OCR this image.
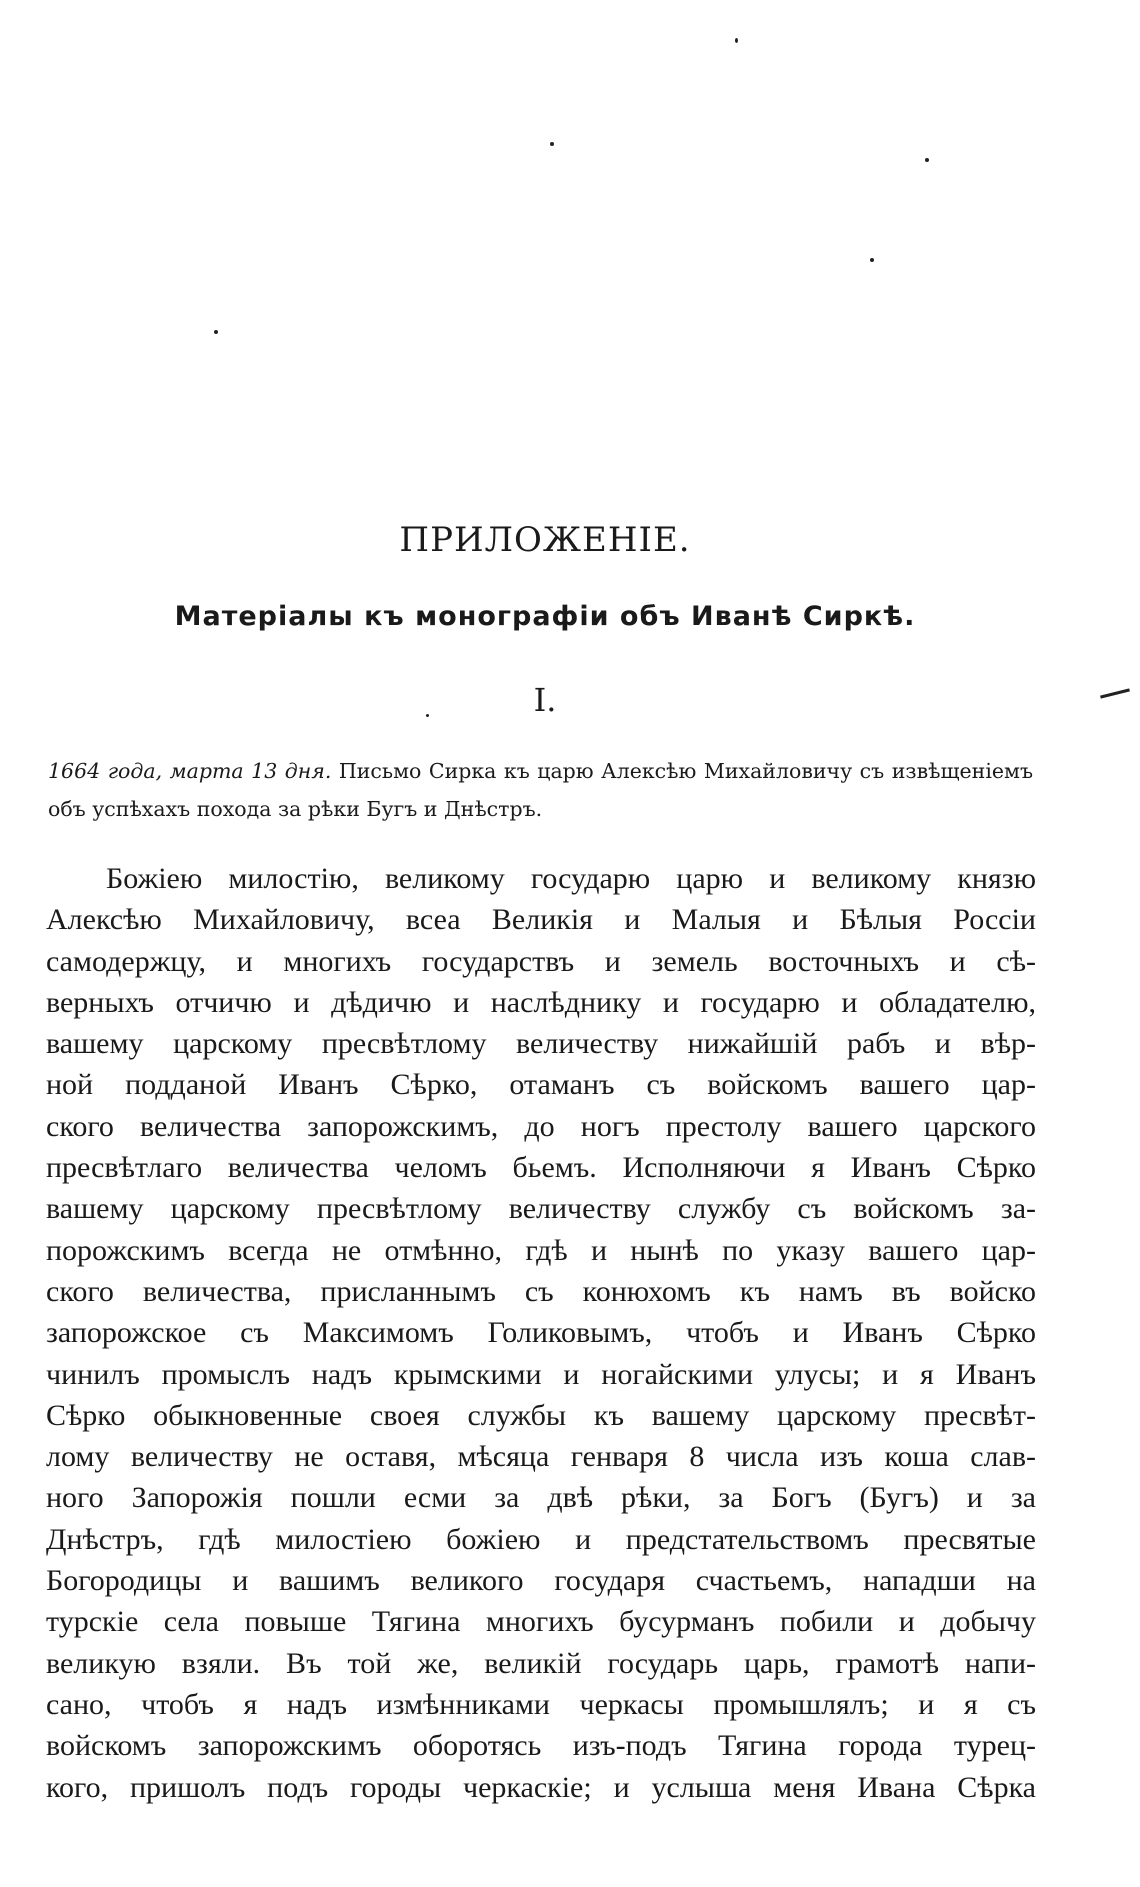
ПРИЛОЖЕНІЕ.
Матеріалы къ монографіи объ Иванѣ Сиркѣ.
I.
1664 года, марта 13 дня. Письмо Сирка къ царю Алексѣю Михайловичу съ извѣщеніемъ объ успѣхахъ похода за рѣки Бугъ и Днѣстръ.
Божіею милостію, великому государю царю и великому князю
Алексѣю Михайловичу, всеа Великія и Малыя и Бѣлыя Россіи
самодержцу, и многихъ государствъ и земель восточныхъ и сѣ-
верныхъ отчичю и дѣдичю и наслѣднику и государю и обладателю,
вашему царскому пресвѣтлому величеству нижайшій рабъ и вѣр-
ной подданой Иванъ Сѣрко, отаманъ съ войскомъ вашего цар-
ского величества запорожскимъ, до ногъ престолу вашего царского
пресвѣтлаго величества челомъ бьемъ. Исполняючи я Иванъ Сѣрко
вашему царскому пресвѣтлому величеству службу съ войскомъ за-
порожскимъ всегда не отмѣнно, гдѣ и нынѣ по указу вашего цар-
ского величества, присланнымъ съ конюхомъ къ намъ въ войско
запорожское съ Максимомъ Голиковымъ, чтобъ и Иванъ Сѣрко
чинилъ промыслъ надъ крымскими и ногайскими улусы; и я Иванъ
Сѣрко обыкновенные своея службы къ вашему царскому пресвѣт-
лому величеству не оставя, мѣсяца генваря 8 числа изъ коша слав-
ного Запорожія пошли есми за двѣ рѣки, за Богъ (Бугъ) и за
Днѣстръ, гдѣ милостіею божіею и предстательствомъ пресвятые
Богородицы и вашимъ великого государя счастьемъ, нападши на
турскіе села повыше Тягина многихъ бусурманъ побили и добычу
великую взяли. Въ той же, великій государь царь, грамотѣ напи-
сано, чтобъ я надъ измѣнниками черкасы промышлялъ; и я съ
войскомъ запорожскимъ оборотясь изъ-подъ Тягина города турец-
кого, пришолъ подъ городы черкаскіе; и услыша меня Ивана Сѣрка
